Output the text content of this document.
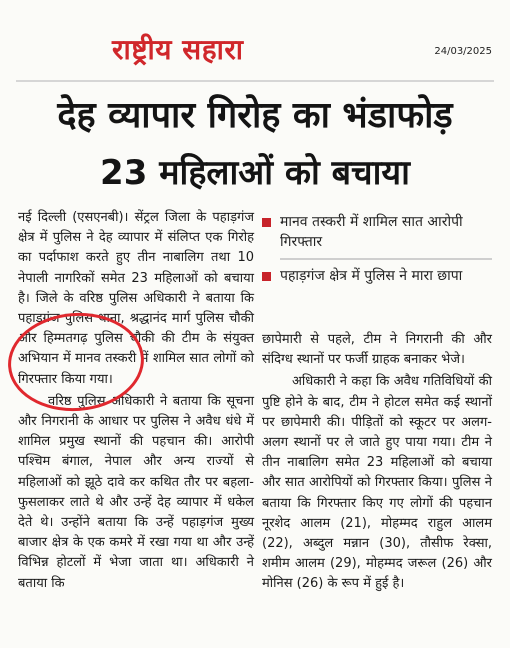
राष्ट्रीय सहारा	24/03/2025
देह व्यापार गिरोह का भंडाफोड़
23 महिलाओं को बचाया

नई दिल्ली (एसएनबी)। सेंट्रल जिला के पहाड़गंज क्षेत्र में पुलिस ने देह व्यापार में संलिप्त एक गिरोह का पर्दाफाश करते हुए तीन नाबालिग तथा 10 नेपाली नागरिकों समेत 23 महिलाओं को बचाया है। जिले के वरिष्ठ पुलिस अधिकारी ने बताया कि पहाड़गंज पुलिस थाना, श्रद्धानंद मार्ग पुलिस चौकी और हिम्मतगढ़ पुलिस चौकी की टीम के संयुक्त अभियान में मानव तस्करी में शामिल सात लोगों को गिरफ्तार किया गया।

वरिष्ठ पुलिस अधिकारी ने बताया कि सूचना और निगरानी के आधार पर पुलिस ने अवैध धंधे में शामिल प्रमुख स्थानों की पहचान की। आरोपी पश्चिम बंगाल, नेपाल और अन्य राज्यों से महिलाओं को झूठे दावे कर कथित तौर पर बहला-फुसलाकर लाते थे और उन्हें देह व्यापार में धकेल देते थे। उन्होंने बताया कि उन्हें पहाड़गंज मुख्य बाजार क्षेत्र के एक कमरे में रखा गया था और उन्हें विभिन्न होटलों में भेजा जाता था। अधिकारी ने बताया कि

मानव तस्करी में शामिल सात आरोपी गिरफ्तार
पहाड़गंज क्षेत्र में पुलिस ने मारा छापा

छापेमारी से पहले, टीम ने निगरानी की और संदिग्ध स्थानों पर फर्जी ग्राहक बनाकर भेजे।

अधिकारी ने कहा कि अवैध गतिविधियों की पुष्टि होने के बाद, टीम ने होटल समेत कई स्थानों पर छापेमारी की। पीड़ितों को स्कूटर पर अलग-अलग स्थानों पर ले जाते हुए पाया गया। टीम ने तीन नाबालिग समेत 23 महिलाओं को बचाया और सात आरोपियों को गिरफ्तार किया। पुलिस ने बताया कि गिरफ्तार किए गए लोगों की पहचान नूरशेद आलम (21), मोहम्मद राहुल आलम (22), अब्दुल मन्नान (30), तौसीफ रेक्सा, शमीम आलम (29), मोहम्मद जरूल (26) और मोनिस (26) के रूप में हुई है।
